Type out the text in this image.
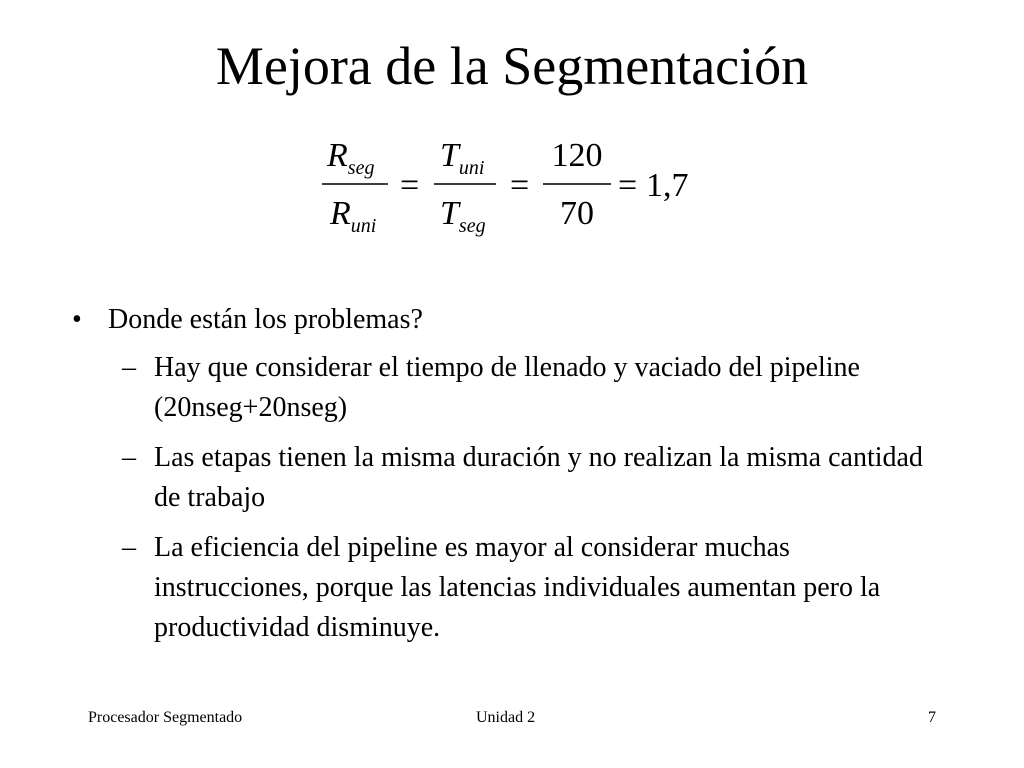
Mejora de la Segmentación
$R_{seg}$
$R_{uni}$
=
$T_{uni}$
$T_{seg}$
=
120
70
= 1,7
• Donde están los problemas?
– Hay que considerar el tiempo de llenado y vaciado del pipeline (20nseg+20nseg)
– Las etapas tienen la misma duración y no realizan la misma cantidad de trabajo
– La eficiencia del pipeline es mayor al considerar muchas instrucciones, porque las latencias individuales aumentan pero la productividad disminuye.
Procesador Segmentado	Unidad 2	7
